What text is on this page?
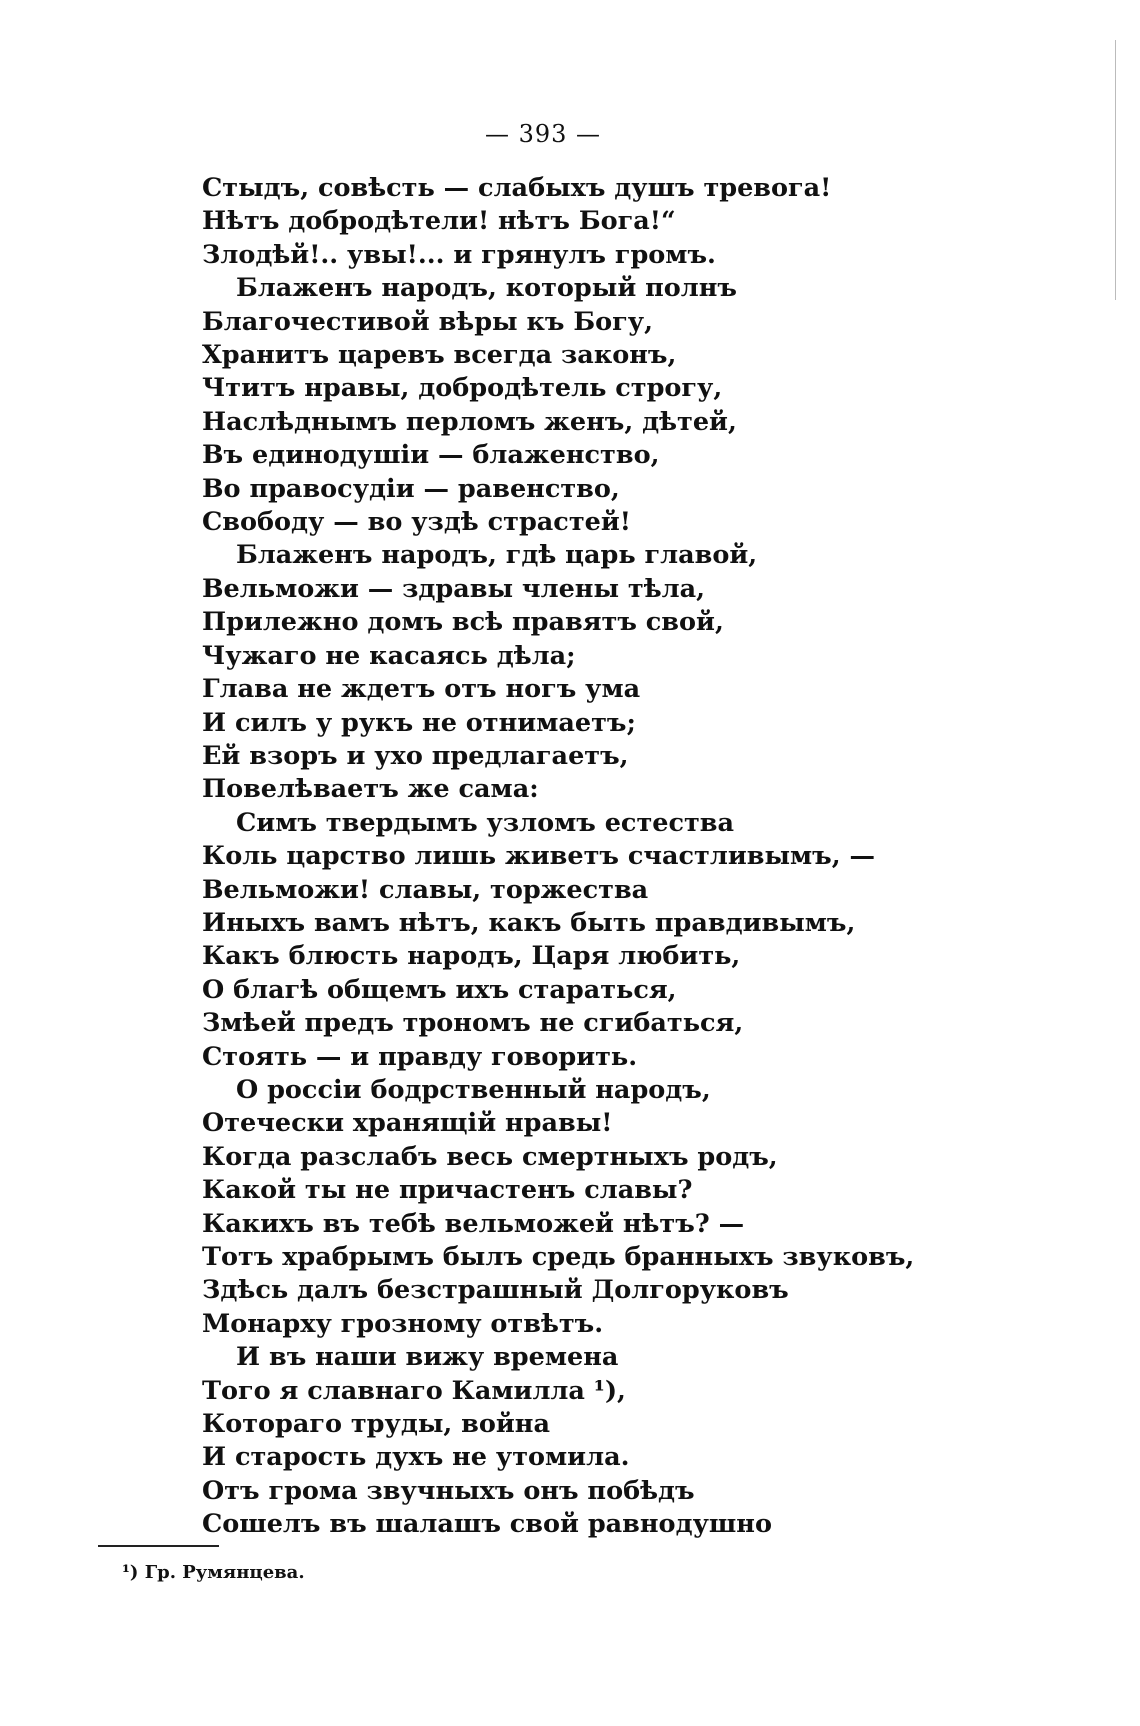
— 393 —
Стыдъ, совѣсть — слабыхъ душъ тревога!
Нѣтъ добродѣтели! нѣтъ Бога!“
Злодѣй!.. увы!... и грянулъ громъ.
Блаженъ народъ, который полнъ
Благочестивой вѣры къ Богу,
Хранитъ царевъ всегда законъ,
Чтитъ нравы, добродѣтель строгу,
Наслѣднымъ перломъ женъ, дѣтей,
Въ единодушіи — блаженство,
Во правосудіи — равенство,
Свободу — во уздѣ страстей!
Блаженъ народъ, гдѣ царь главой,
Вельможи — здравы члены тѣла,
Прилежно домъ всѣ правятъ свой,
Чужаго не касаясь дѣла;
Глава не ждетъ отъ ногъ ума
И силъ у рукъ не отнимаетъ;
Ей взоръ и ухо предлагаетъ,
Повелѣваетъ же сама:
Симъ твердымъ узломъ естества
Коль царство лишь живетъ счастливымъ, —
Вельможи! славы, торжества
Иныхъ вамъ нѣтъ, какъ быть правдивымъ,
Какъ блюсть народъ, Царя любить,
О благѣ общемъ ихъ стараться,
Змѣей предъ трономъ не сгибаться,
Стоять — и правду говорить.
О россіи бодрственный народъ,
Отечески хранящій нравы!
Когда разслабъ весь смертныхъ родъ,
Какой ты не причастенъ славы?
Какихъ въ тебѣ вельможей нѣтъ? —
Тотъ храбрымъ былъ средь бранныхъ звуковъ,
Здѣсь далъ безстрашный Долгоруковъ
Монарху грозному отвѣтъ.
И въ наши вижу времена
Того я славнаго Камилла ¹),
Котораго труды, война
И старость духъ не утомила.
Отъ грома звучныхъ онъ побѣдъ
Сошелъ въ шалашъ свой равнодушно
¹) Гр. Румянцева.
